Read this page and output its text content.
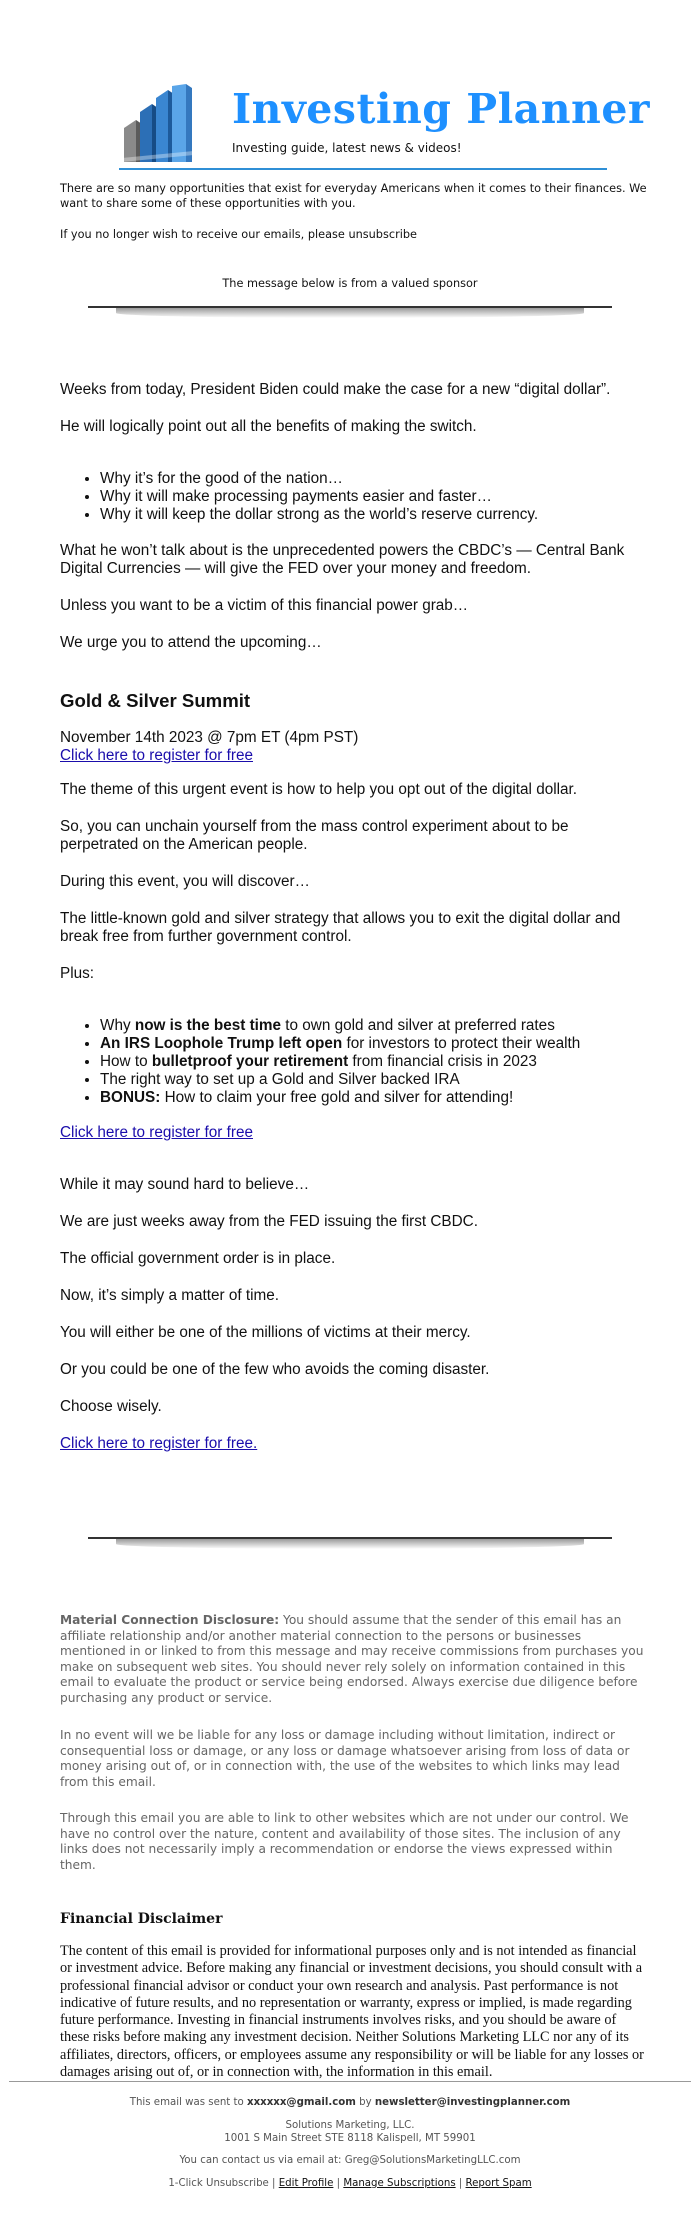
Investing Planner
Investing guide, latest news & videos!
There are so many opportunities that exist for everyday Americans when it comes to their finances. We want to share some of these opportunities with you.
If you no longer wish to receive our emails, please unsubscribe
The message below is from a valued sponsor
Weeks from today, President Biden could make the case for a new “digital dollar”.
He will logically point out all the benefits of making the switch.
• Why it’s for the good of the nation…
• Why it will make processing payments easier and faster…
• Why it will keep the dollar strong as the world’s reserve currency.
What he won’t talk about is the unprecedented powers the CBDC’s — Central Bank Digital Currencies — will give the FED over your money and freedom.
Unless you want to be a victim of this financial power grab…
We urge you to attend the upcoming…
Gold & Silver Summit
November 14th 2023 @ 7pm ET (4pm PST)
Click here to register for free
The theme of this urgent event is how to help you opt out of the digital dollar.
So, you can unchain yourself from the mass control experiment about to be perpetrated on the American people.
During this event, you will discover…
The little-known gold and silver strategy that allows you to exit the digital dollar and break free from further government control.
Plus:
• Why now is the best time to own gold and silver at preferred rates
• An IRS Loophole Trump left open for investors to protect their wealth
• How to bulletproof your retirement from financial crisis in 2023
• The right way to set up a Gold and Silver backed IRA
• BONUS: How to claim your free gold and silver for attending!
Click here to register for free
While it may sound hard to believe…
We are just weeks away from the FED issuing the first CBDC.
The official government order is in place.
Now, it’s simply a matter of time.
You will either be one of the millions of victims at their mercy.
Or you could be one of the few who avoids the coming disaster.
Choose wisely.
Click here to register for free.
Material Connection Disclosure: You should assume that the sender of this email has an affiliate relationship and/or another material connection to the persons or businesses mentioned in or linked to from this message and may receive commissions from purchases you make on subsequent web sites. You should never rely solely on information contained in this email to evaluate the product or service being endorsed. Always exercise due diligence before purchasing any product or service.
In no event will we be liable for any loss or damage including without limitation, indirect or consequential loss or damage, or any loss or damage whatsoever arising from loss of data or money arising out of, or in connection with, the use of the websites to which links may lead from this email.
Through this email you are able to link to other websites which are not under our control. We have no control over the nature, content and availability of those sites. The inclusion of any links does not necessarily imply a recommendation or endorse the views expressed within them.
Financial Disclaimer
The content of this email is provided for informational purposes only and is not intended as financial or investment advice. Before making any financial or investment decisions, you should consult with a professional financial advisor or conduct your own research and analysis. Past performance is not indicative of future results, and no representation or warranty, express or implied, is made regarding future performance. Investing in financial instruments involves risks, and you should be aware of these risks before making any investment decision. Neither Solutions Marketing LLC nor any of its affiliates, directors, officers, or employees assume any responsibility or will be liable for any losses or damages arising out of, or in connection with, the information in this email.
This email was sent to xxxxxx@gmail.com by newsletter@investingplanner.com
Solutions Marketing, LLC.
1001 S Main Street STE 8118 Kalispell, MT 59901
You can contact us via email at: Greg@SolutionsMarketingLLC.com
1-Click Unsubscribe | Edit Profile | Manage Subscriptions | Report Spam
